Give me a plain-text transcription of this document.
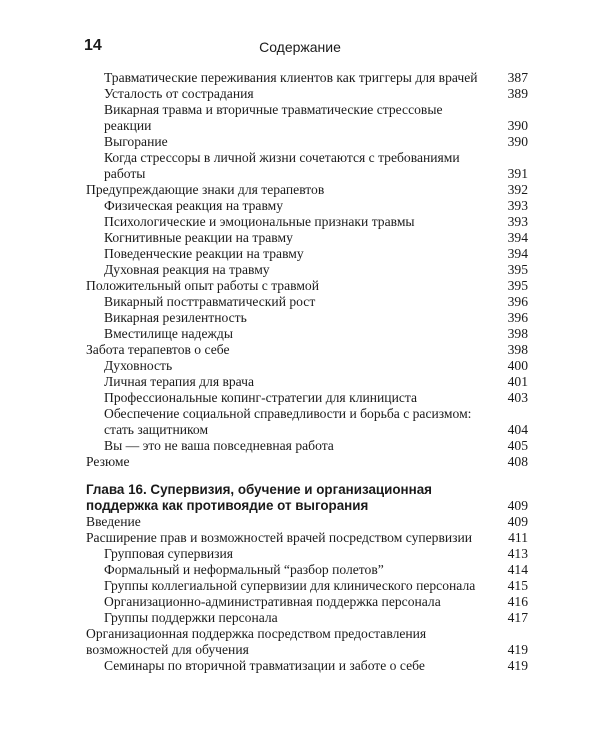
14	Содержание
Травматические переживания клиентов как триггеры для врачей	387
Усталость от сострадания	389
Викарная травма и вторичные травматические стрессовые реакции	390
Выгорание	390
Когда стрессоры в личной жизни сочетаются с требованиями работы	391
Предупреждающие знаки для терапевтов	392
Физическая реакция на травму	393
Психологические и эмоциональные признаки травмы	393
Когнитивные реакции на травму	394
Поведенческие реакции на травму	394
Духовная реакция на травму	395
Положительный опыт работы с травмой	395
Викарный посттравматический рост	396
Викарная резилентность	396
Вместилище надежды	398
Забота терапевтов о себе	398
Духовность	400
Личная терапия для врача	401
Профессиональные копинг-стратегии для клинициста	403
Обеспечение социальной справедливости и борьба с расизмом: стать защитником	404
Вы — это не ваша повседневная работа	405
Резюме	408
Глава 16. Супервизия, обучение и организационная поддержка как противоядие от выгорания	409
Введение	409
Расширение прав и возможностей врачей посредством супервизии	411
Групповая супервизия	413
Формальный и неформальный “разбор полетов”	414
Группы коллегиальной супервизии для клинического персонала	415
Организационно-административная поддержка персонала	416
Группы поддержки персонала	417
Организационная поддержка посредством предоставления возможностей для обучения	419
Семинары по вторичной травматизации и заботе о себе	419
